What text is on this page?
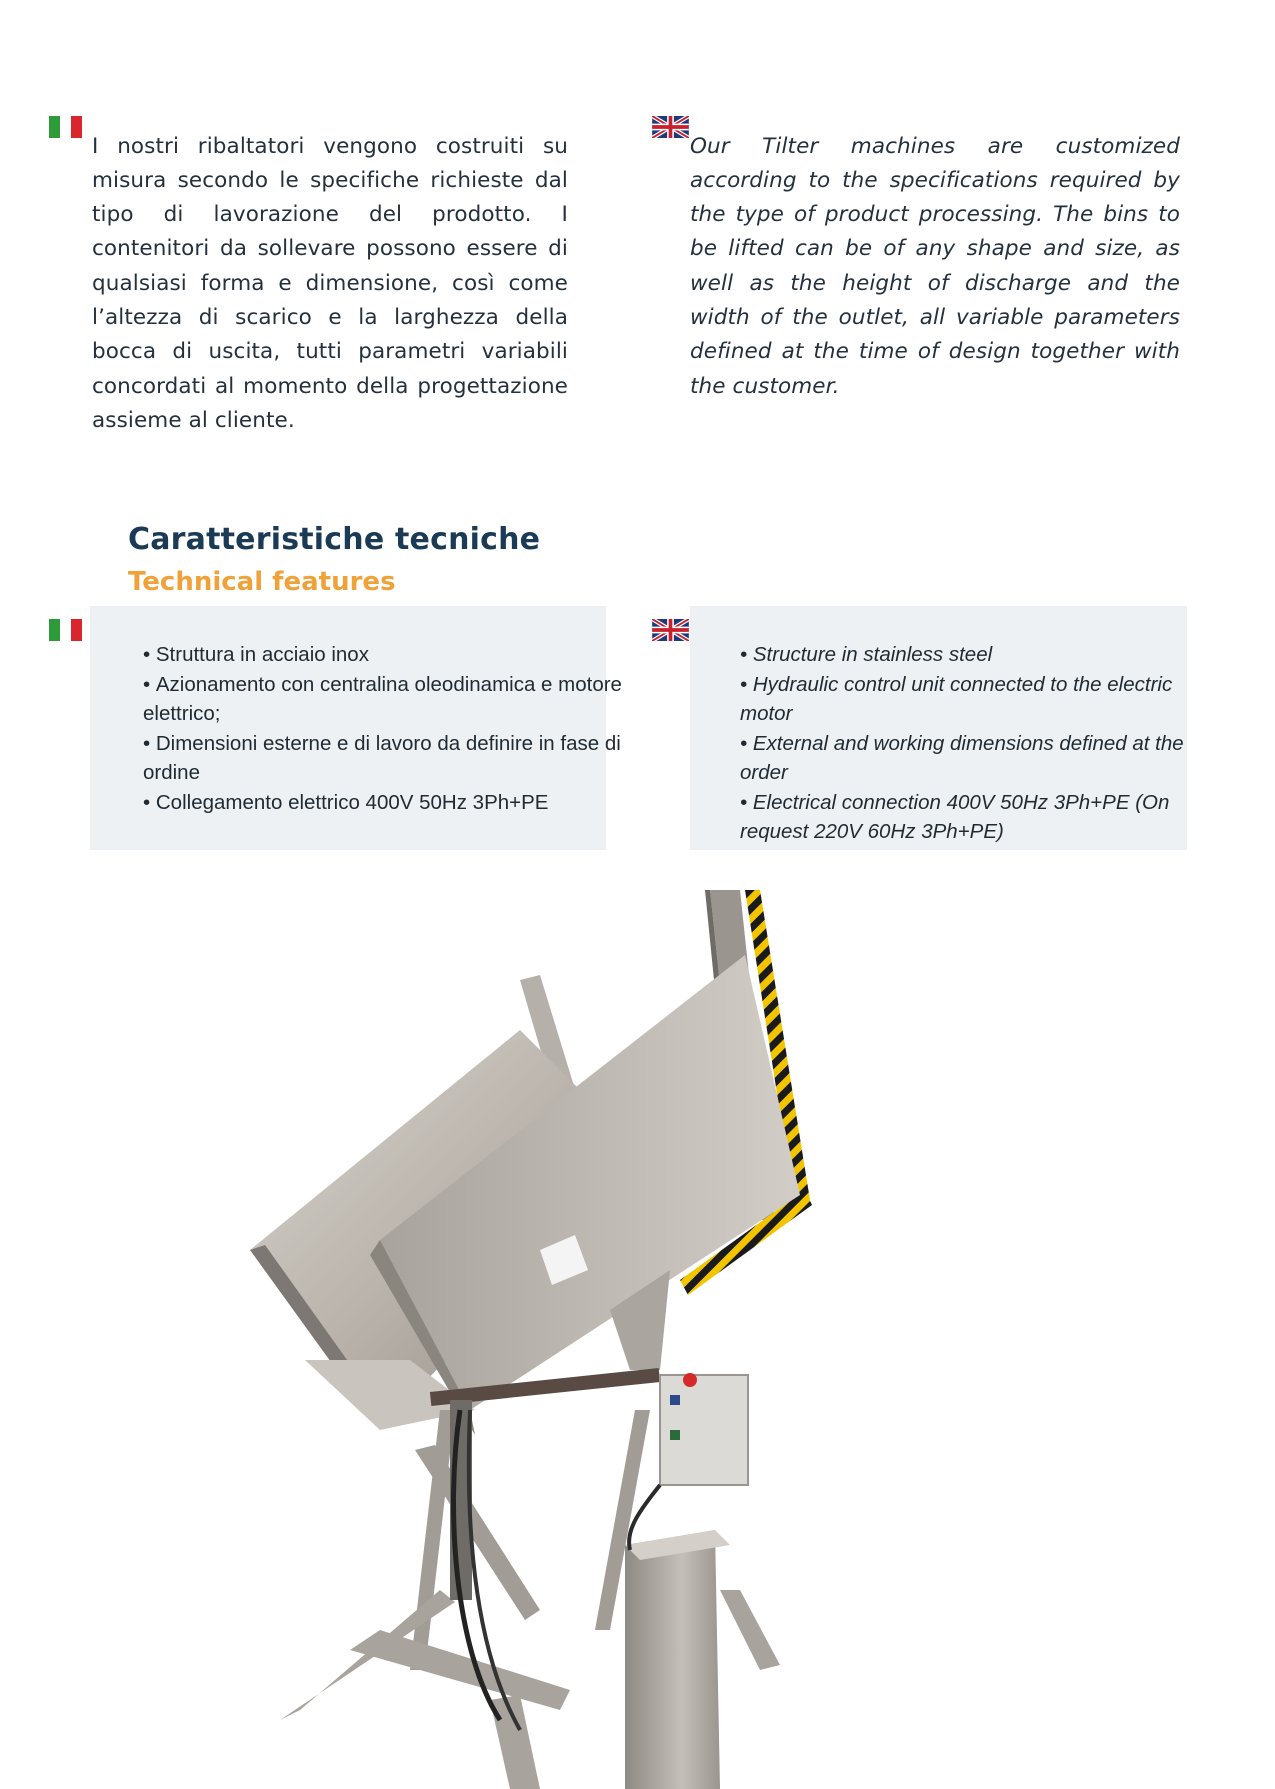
I nostri ribaltatori vengono costruiti su misura secondo le specifiche richieste dal tipo di lavorazione del prodotto. I contenitori da sollevare possono essere di qualsiasi forma e dimensione, così come l’altezza di scarico e la larghezza della bocca di uscita, tutti parametri variabili concordati al momento della progettazione assieme al cliente.

Our Tilter machines are customized according to the specifications required by the type of product processing. The bins to be lifted can be of any shape and size, as well as the height of discharge and the width of the outlet, all variable parameters defined at the time of design together with the customer.

Caratteristiche tecniche
Technical features
• Struttura in acciaio inox
• Azionamento con centralina oleodinamica e motore elettrico;
• Dimensioni esterne e di lavoro da definire in fase di ordine
• Collegamento elettrico 400V 50Hz 3Ph+PE
• Structure in stainless steel
• Hydraulic control unit connected to the electric motor
• External and working dimensions defined at the order
• Electrical connection 400V 50Hz 3Ph+PE (On request 220V 60Hz 3Ph+PE)
